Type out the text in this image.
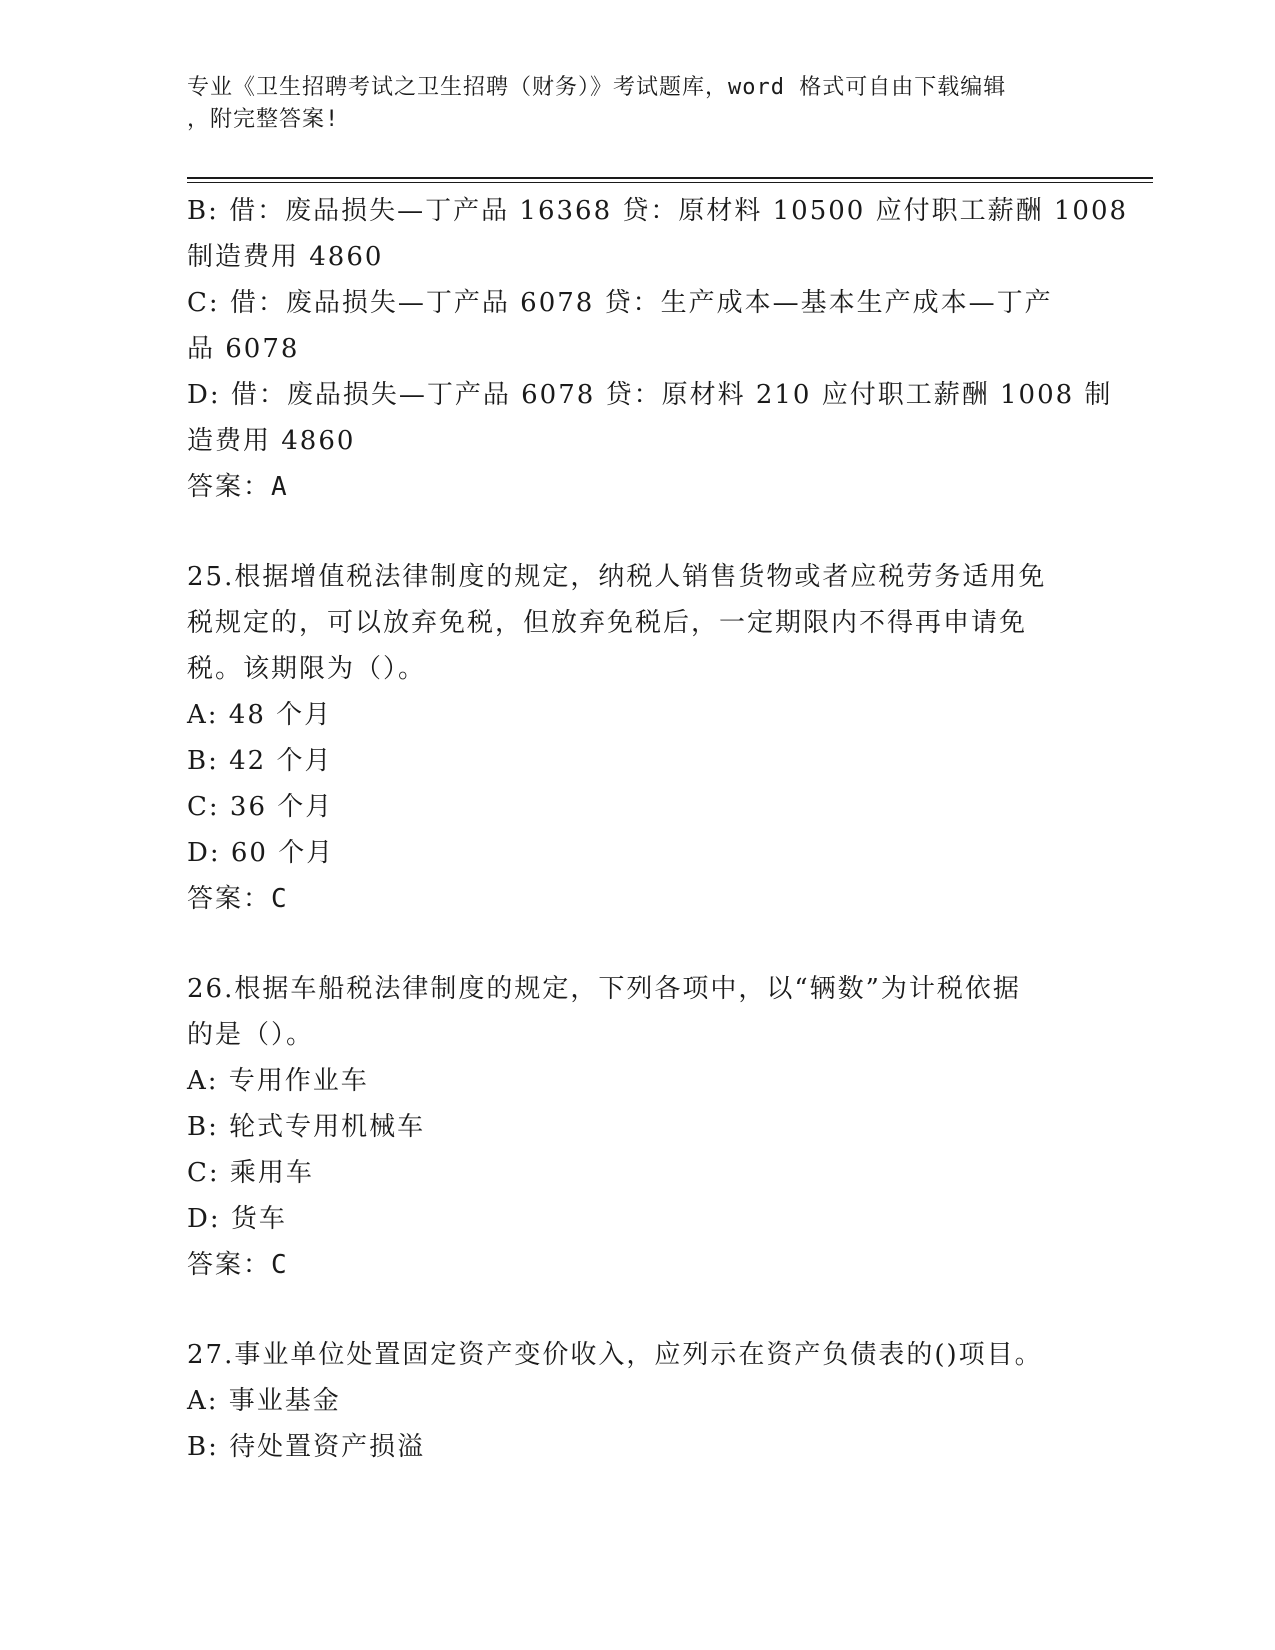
专业《卫生招聘考试之卫生招聘（财务）》考试题库，word 格式可自由下载编辑
，附完整答案!
B: 借：废品损失—丁产品 16368 贷：原材料 10500 应付职工薪酬 1008
制造费用 4860
C: 借：废品损失—丁产品 6078 贷：生产成本—基本生产成本—丁产
品 6078
D: 借：废品损失—丁产品 6078 贷：原材料 210 应付职工薪酬 1008 制
造费用 4860
答案：A
25.根据增值税法律制度的规定，纳税人销售货物或者应税劳务适用免
税规定的，可以放弃免税，但放弃免税后，一定期限内不得再申请免
税。该期限为（）。
A: 48 个月
B: 42 个月
C: 36 个月
D: 60 个月
答案：C
26.根据车船税法律制度的规定，下列各项中，以“辆数”为计税依据
的是（）。
A: 专用作业车
B: 轮式专用机械车
C: 乘用车
D: 货车
答案：C
27.事业单位处置固定资产变价收入，应列示在资产负债表的()项目。
A: 事业基金
B: 待处置资产损溢
